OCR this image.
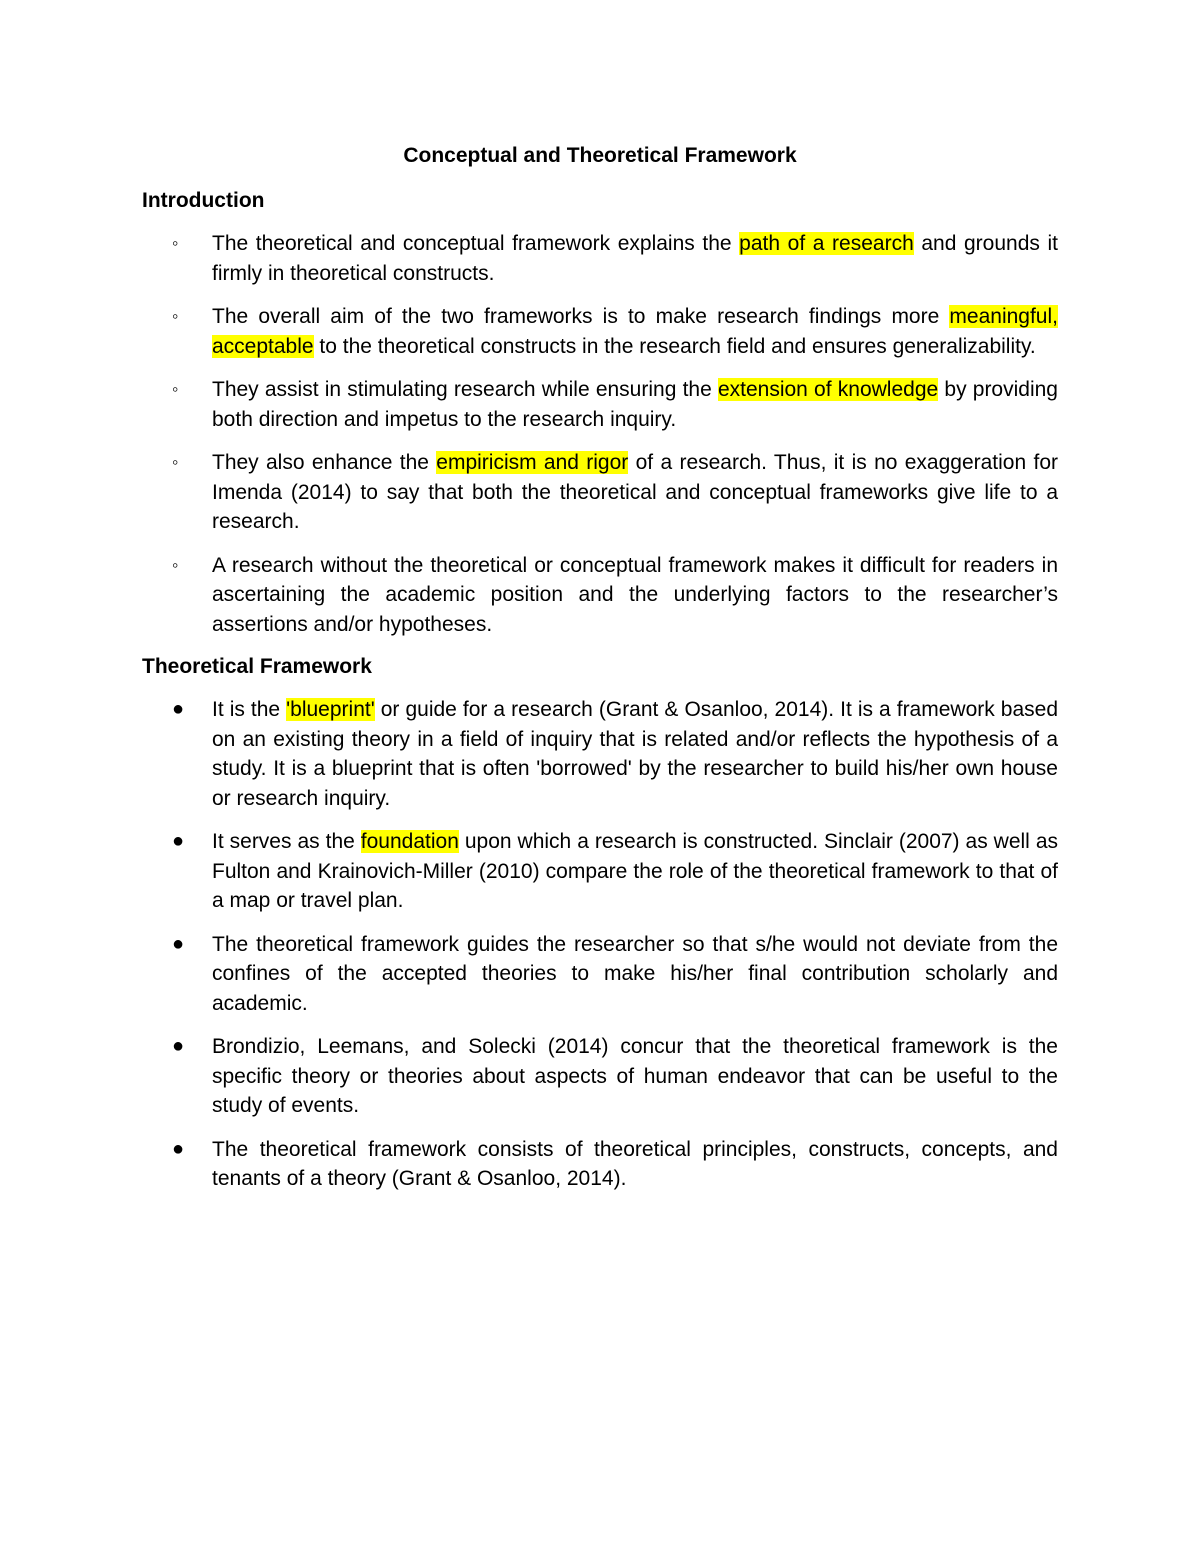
Conceptual and Theoretical Framework
Introduction
◦ The theoretical and conceptual framework explains the path of a research and grounds it firmly in theoretical constructs.
◦ The overall aim of the two frameworks is to make research findings more meaningful, acceptable to the theoretical constructs in the research field and ensures generalizability.
◦ They assist in stimulating research while ensuring the extension of knowledge by providing both direction and impetus to the research inquiry.
◦ They also enhance the empiricism and rigor of a research. Thus, it is no exaggeration for Imenda (2014) to say that both the theoretical and conceptual frameworks give life to a research.
◦ A research without the theoretical or conceptual framework makes it difficult for readers in ascertaining the academic position and the underlying factors to the researcher’s assertions and/or hypotheses.
Theoretical Framework
● It is the 'blueprint' or guide for a research (Grant & Osanloo, 2014). It is a framework based on an existing theory in a field of inquiry that is related and/or reflects the hypothesis of a study. It is a blueprint that is often 'borrowed' by the researcher to build his/her own house or research inquiry.
● It serves as the foundation upon which a research is constructed. Sinclair (2007) as well as Fulton and Krainovich-Miller (2010) compare the role of the theoretical framework to that of a map or travel plan.
● The theoretical framework guides the researcher so that s/he would not deviate from the confines of the accepted theories to make his/her final contribution scholarly and academic.
● Brondizio, Leemans, and Solecki (2014) concur that the theoretical framework is the specific theory or theories about aspects of human endeavor that can be useful to the study of events.
● The theoretical framework consists of theoretical principles, constructs, concepts, and tenants of a theory (Grant & Osanloo, 2014).
